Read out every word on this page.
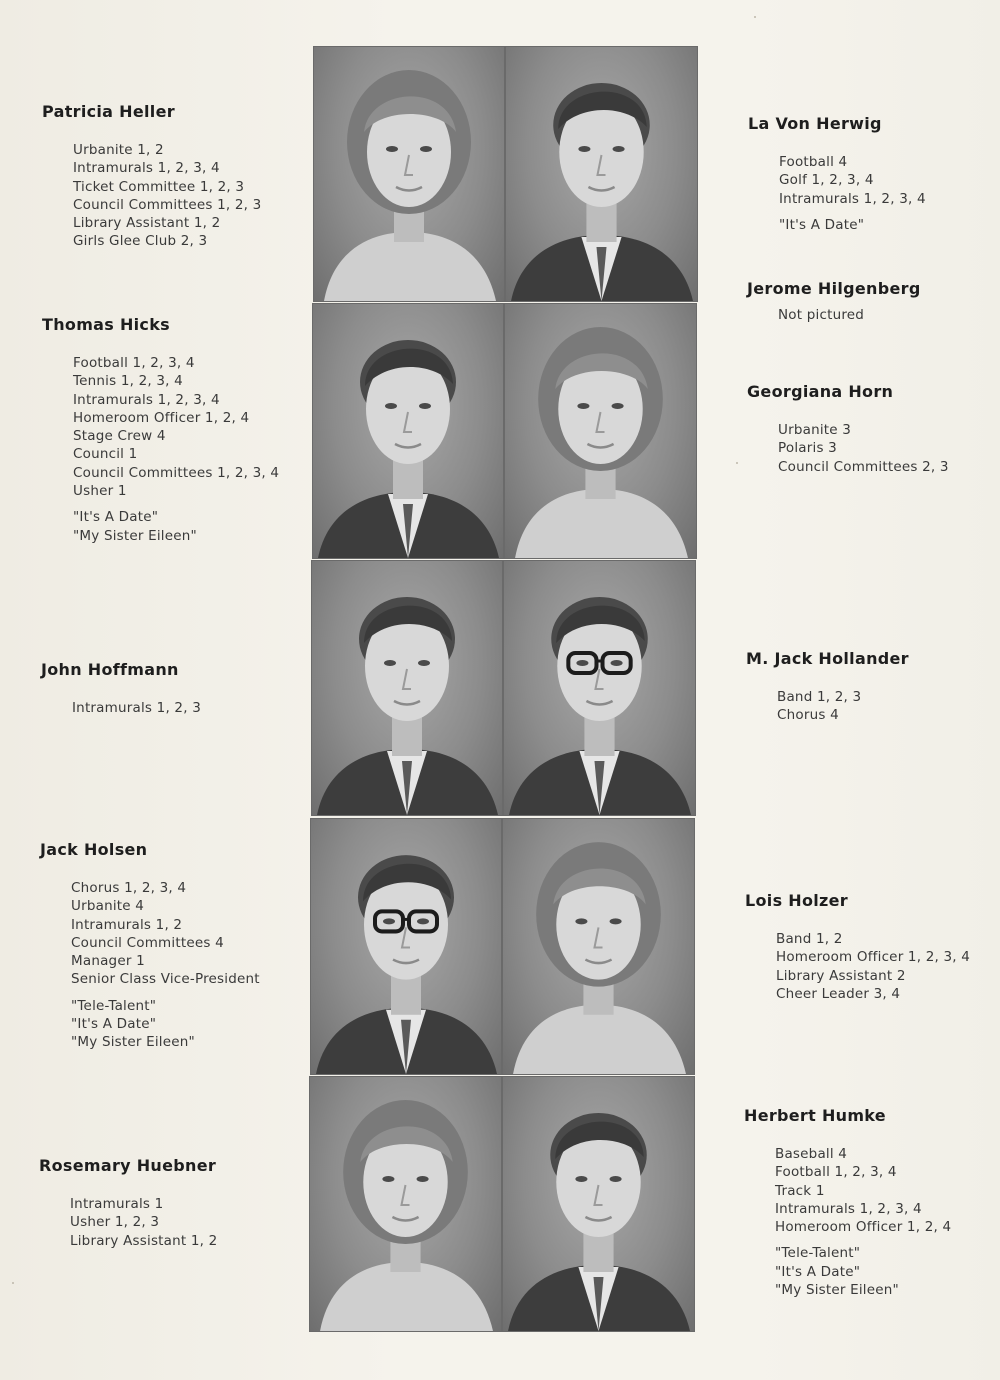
Patricia Heller
Urbanite 1, 2
Intramurals 1, 2, 3, 4
Ticket Committee 1, 2, 3
Council Committees 1, 2, 3
Library Assistant 1, 2
Girls Glee Club 2, 3
Thomas Hicks
Football 1, 2, 3, 4
Tennis 1, 2, 3, 4
Intramurals 1, 2, 3, 4
Homeroom Officer 1, 2, 4
Stage Crew 4
Council 1
Council Committees 1, 2, 3, 4
Usher 1
"It's A Date"
"My Sister Eileen"
John Hoffmann
Intramurals 1, 2, 3
Jack Holsen
Chorus 1, 2, 3, 4
Urbanite 4
Intramurals 1, 2
Council Committees 4
Manager 1
Senior Class Vice-President
"Tele-Talent"
"It's A Date"
"My Sister Eileen"
Rosemary Huebner
Intramurals 1
Usher 1, 2, 3
Library Assistant 1, 2
La Von Herwig
Football 4
Golf 1, 2, 3, 4
Intramurals 1, 2, 3, 4
"It's A Date"
Jerome Hilgenberg
Not pictured
Georgiana Horn
Urbanite 3
Polaris 3
Council Committees 2, 3
M. Jack Hollander
Band 1, 2, 3
Chorus 4
Lois Holzer
Band 1, 2
Homeroom Officer 1, 2, 3, 4
Library Assistant 2
Cheer Leader 3, 4
Herbert Humke
Baseball 4
Football 1, 2, 3, 4
Track 1
Intramurals 1, 2, 3, 4
Homeroom Officer 1, 2, 4
"Tele-Talent"
"It's A Date"
"My Sister Eileen"
